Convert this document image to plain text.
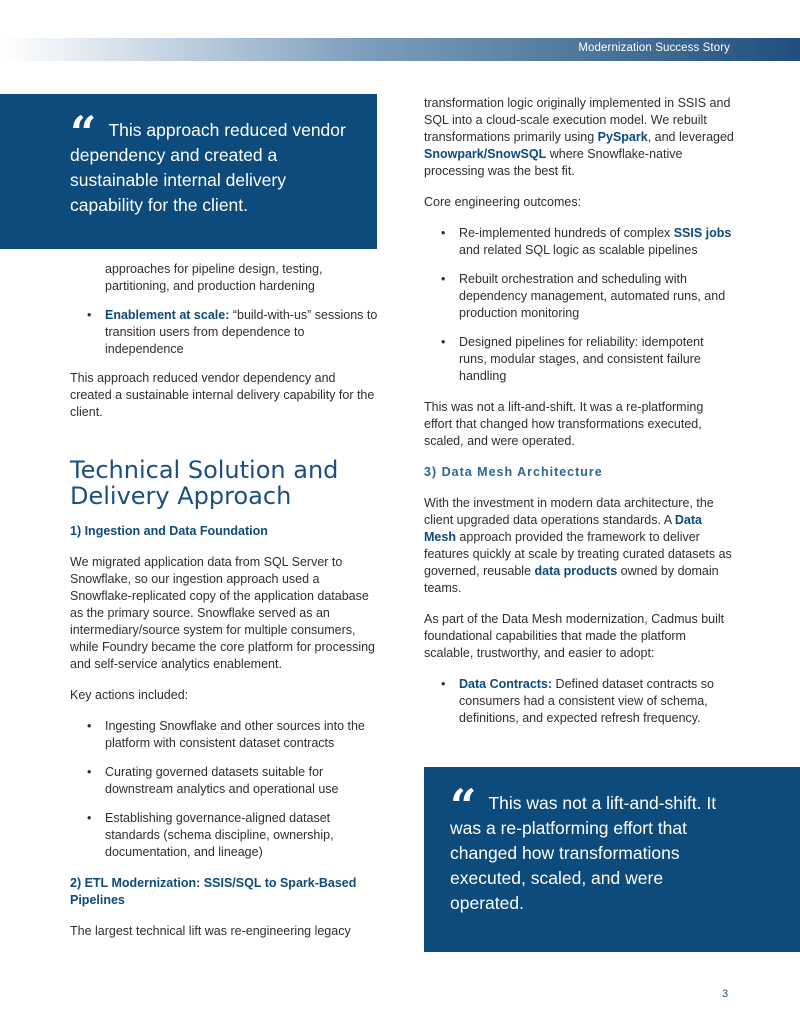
Modernization Success Story
“ This approach reduced vendor dependency and created a sustainable internal delivery capability for the client.
approaches for pipeline design, testing, partitioning, and production hardening
• Enablement at scale: “build-with-us” sessions to transition users from dependence to independence

This approach reduced vendor dependency and created a sustainable internal delivery capability for the client.

Technical Solution and Delivery Approach
1) Ingestion and Data Foundation

We migrated application data from SQL Server to Snowflake, so our ingestion approach used a Snowflake-replicated copy of the application database as the primary source. Snowflake served as an intermediary/source system for multiple consumers, while Foundry became the core platform for processing and self-service analytics enablement.

Key actions included:

• Ingesting Snowflake and other sources into the platform with consistent dataset contracts
• Curating governed datasets suitable for downstream analytics and operational use
• Establishing governance-aligned dataset standards (schema discipline, ownership, documentation, and lineage)
2) ETL Modernization: SSIS/SQL to Spark-Based Pipelines

The largest technical lift was re-engineering legacy

transformation logic originally implemented in SSIS and SQL into a cloud-scale execution model. We rebuilt transformations primarily using PySpark, and leveraged Snowpark/SnowSQL where Snowflake-native processing was the best fit.

Core engineering outcomes:

• Re-implemented hundreds of complex SSIS jobs and related SQL logic as scalable pipelines
• Rebuilt orchestration and scheduling with dependency management, automated runs, and production monitoring
• Designed pipelines for reliability: idempotent runs, modular stages, and consistent failure handling

This was not a lift-and-shift. It was a re-platforming effort that changed how transformations executed, scaled, and were operated.

3) Data Mesh Architecture

With the investment in modern data architecture, the client upgraded data operations standards. A Data Mesh approach provided the framework to deliver features quickly at scale by treating curated datasets as governed, reusable data products owned by domain teams.

As part of the Data Mesh modernization, Cadmus built foundational capabilities that made the platform scalable, trustworthy, and easier to adopt:

• Data Contracts: Defined dataset contracts so consumers had a consistent view of schema, definitions, and expected refresh frequency.
“ This was not a lift-and-shift. It was a re-platforming effort that changed how transformations executed, scaled, and were operated.
3
